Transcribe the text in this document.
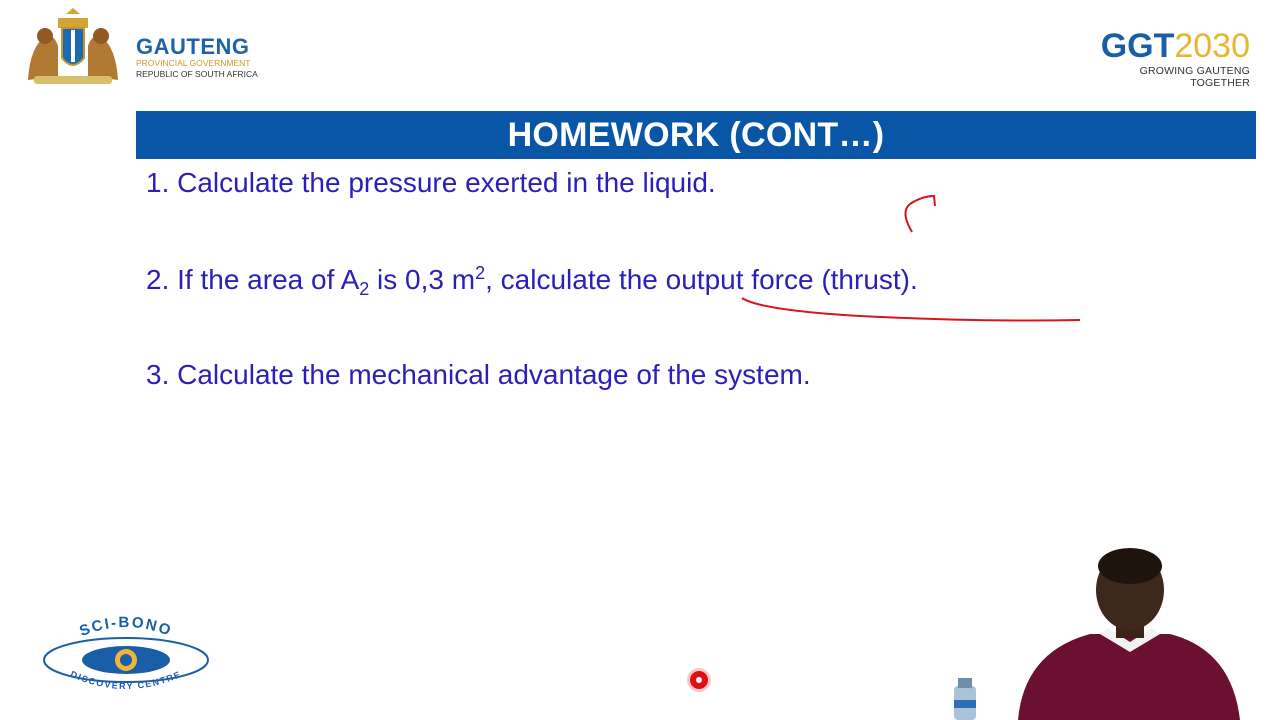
GAUTENG
PROVINCIAL GOVERNMENT
REPUBLIC OF SOUTH AFRICA
GGT2030
GROWING GAUTENG TOGETHER
HOMEWORK (CONT…)
1. Calculate the pressure exerted in the liquid.
2. If the area of $A_2$ is 0,3 $m^2$, calculate the output force (thrust).
3. Calculate the mechanical advantage of the system.
SCI-BONO
DISCOVERY CENTRE
